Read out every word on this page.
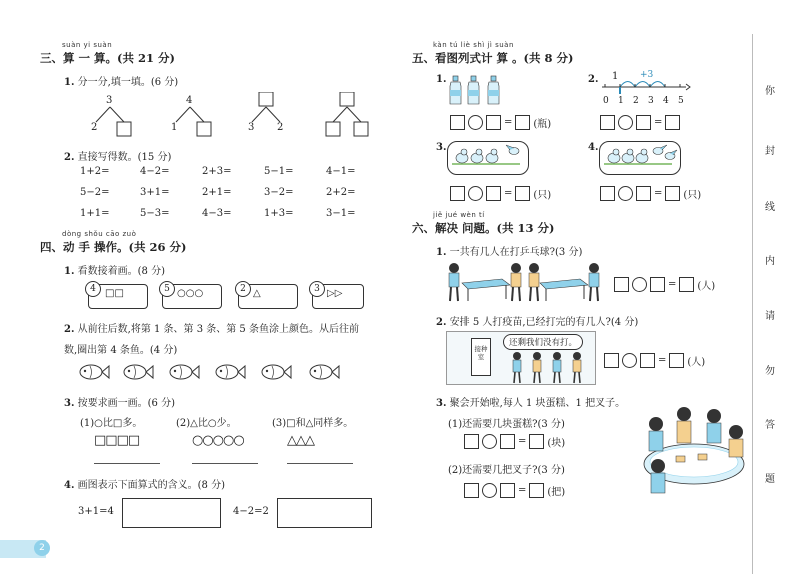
你
封
线
内
请
勿
答
题
2
suàn yi suàn
三、算 一 算。(共 21 分)
1. 分一分,填一填。(6 分)
3
2
4
1	3 2
2. 直接写得数。(15 分)
1+2=	4−2=	2+3=	5−1=	4−1=
5−2=	3+1=	2+1=	3−2=	2+2=
1+1=	5−3=	4−3=	1+3=	3−1=
dòng shǒu cāo zuò
四、动 手 操作。(共 26 分)
1. 看数接着画。(8 分)
4 □□	5 ○○○	2 △	3 ▷▷
2. 从前往后数,将第 1 条、第 3 条、第 5 条鱼涂上颜色。从后往前
数,圈出第 4 条鱼。(4 分)
3. 按要求画一画。(6 分)
(1)○比□多。	(2)△比○少。	(3)□和△同样多。
□□□□	○○○○○	△△△
4. 画图表示下面算式的含义。(8 分)
3+1=4	4−2=2
kàn tú liè shì jì suàn
五、看图列式计 算 。(共 8 分)
1.
= (瓶)
2. 1 +3
0 1 2 3 4 5
=
3.
= (只)
4.
= (只)
jiě jué wèn tí
六、解决 问题。(共 13 分)
1. 一共有几人在打乒乓球?(3 分)
= (人)
2. 安排 5 人打疫苗,已经打完的有几人?(4 分)
接种室
还剩我们没有打。
= (人)
3. 聚会开始啦,每人 1 块蛋糕、1 把叉子。
(1)还需要几块蛋糕?(3 分)
= (块)
(2)还需要几把叉子?(3 分)
= (把)
